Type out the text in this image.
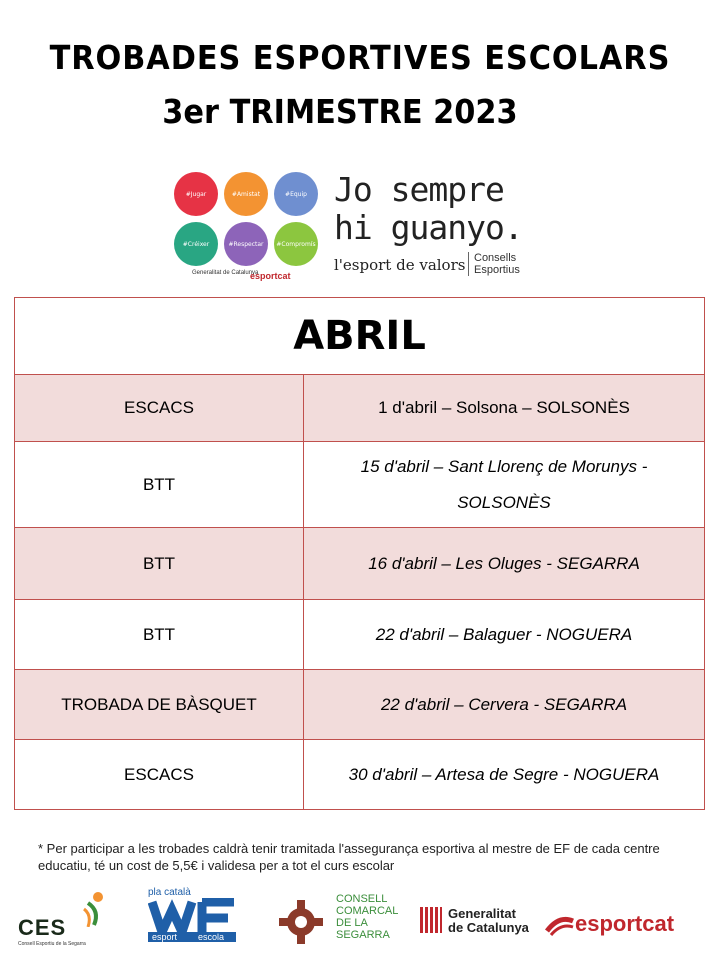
TROBADES ESPORTIVES ESCOLARS
3er TRIMESTRE 2023
#Jugar	#Amistat	#Equip
#Créixer	#Respectar	#Compromís
Generalitat de Catalunya
esportcat
Jo sempre
hi guanyo.
l'esport de valors Consells
Esportius
ABRIL	
ESCACS	1 d'abril – Solsona – SOLSONÈS
BTT	15 d'abril – Sant Llorenç de Morunys -
SOLSONÈS

BTT	16 d'abril – Les Oluges - SEGARRA
BTT	22 d'abril – Balaguer - NOGUERA
TROBADA DE BÀSQUET	22 d'abril – Cervera - SEGARRA
ESCACS	30 d'abril – Artesa de Segre - NOGUERA
* Per participar a les trobades caldrà tenir tramitada l'assegurança esportiva al mestre de EF de cada centre educatiu, té un cost de 5,5€ i validesa per a tot el curs escolar
CES
Consell Esportiu de la Segarra
pla català
esport escola
CONSELL
COMARCAL
DE LA
SEGARRA
Generalitat
de Catalunya	esportcat
